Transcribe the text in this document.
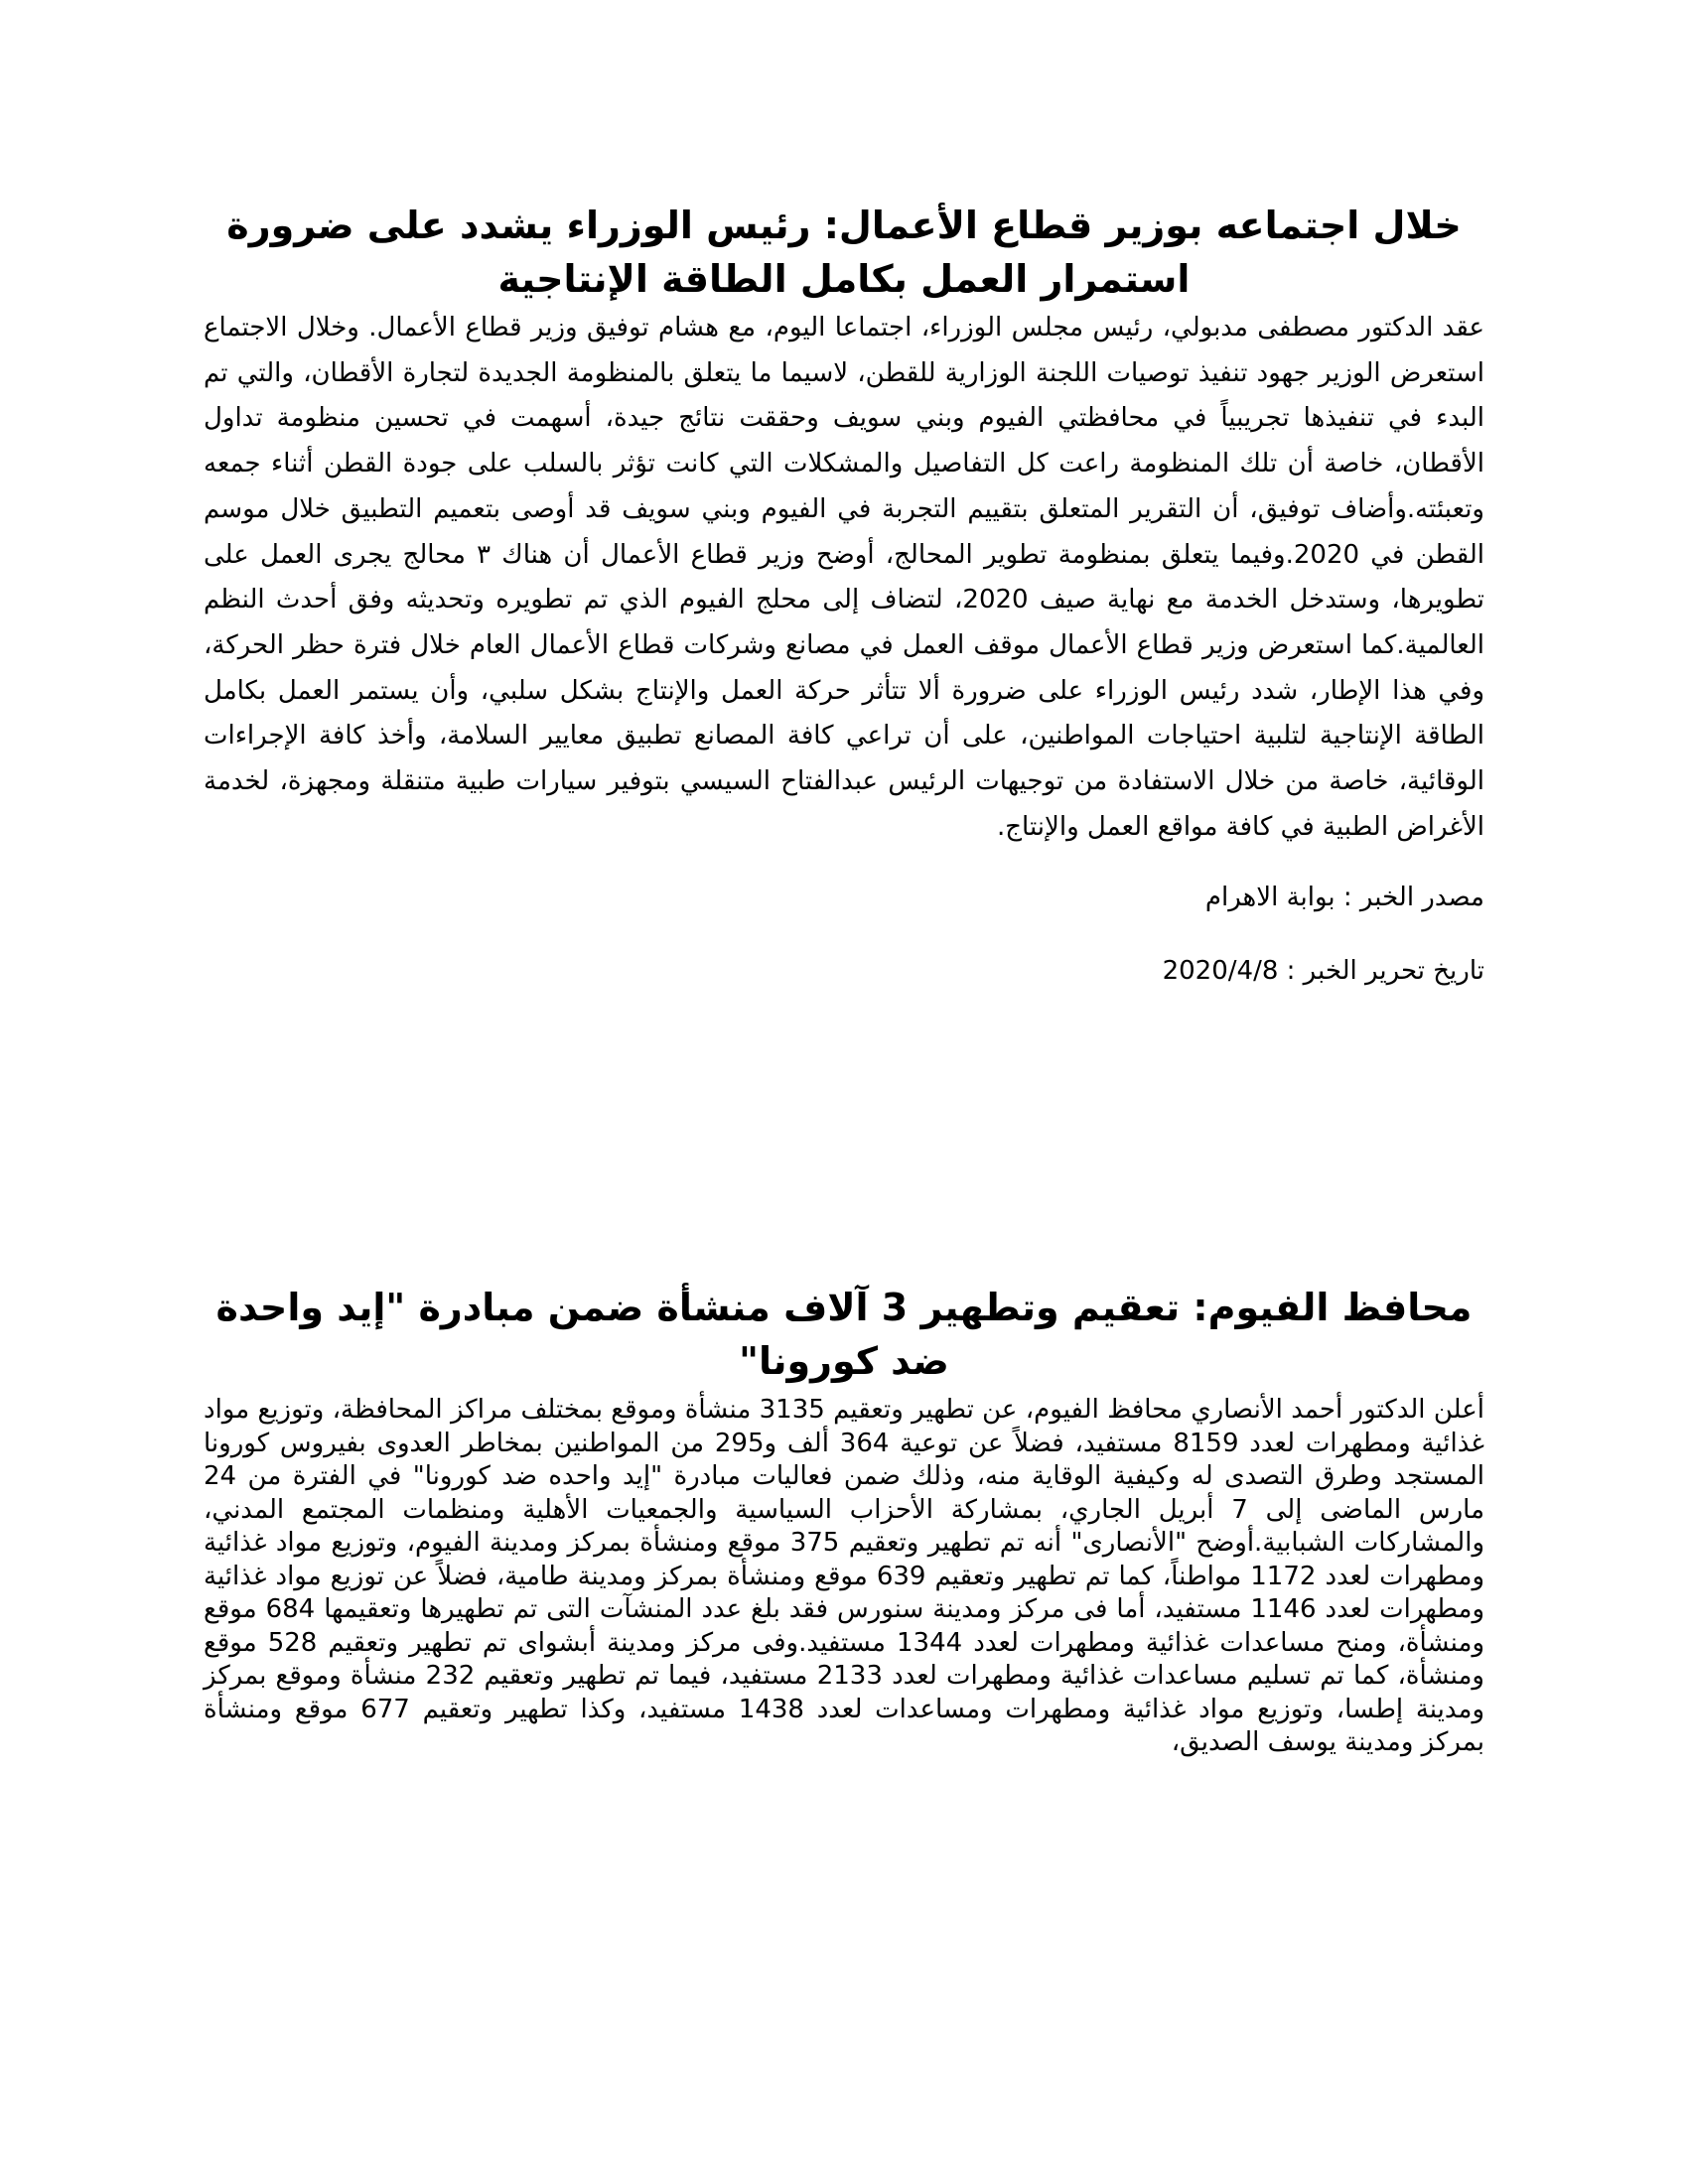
خلال اجتماعه بوزير قطاع الأعمال: رئيس الوزراء يشدد على ضرورة استمرار العمل بكامل الطاقة الإنتاجية

عقد الدكتور مصطفى مدبولي، رئيس مجلس الوزراء، اجتماعا اليوم، مع هشام توفيق وزير قطاع الأعمال. وخلال الاجتماع استعرض الوزير جهود تنفيذ توصيات اللجنة الوزارية للقطن، لاسيما ما يتعلق بالمنظومة الجديدة لتجارة الأقطان، والتي تم البدء في تنفيذها تجريبياً في محافظتي الفيوم وبني سويف وحققت نتائج جيدة، أسهمت في تحسين منظومة تداول الأقطان، خاصة أن تلك المنظومة راعت كل التفاصيل والمشكلات التي كانت تؤثر بالسلب على جودة القطن أثناء جمعه وتعبئته.وأضاف توفيق، أن التقرير المتعلق بتقييم التجربة في الفيوم وبني سويف قد أوصى بتعميم التطبيق خلال موسم القطن في 2020.وفيما يتعلق بمنظومة تطوير المحالج، أوضح وزير قطاع الأعمال أن هناك ٣ محالج يجرى العمل على تطويرها، وستدخل الخدمة مع نهاية صيف 2020، لتضاف إلى محلج الفيوم الذي تم تطويره وتحديثه وفق أحدث النظم العالمية.كما استعرض وزير قطاع الأعمال موقف العمل في مصانع وشركات قطاع الأعمال العام خلال فترة حظر الحركة، وفي هذا الإطار، شدد رئيس الوزراء على ضرورة ألا تتأثر حركة العمل والإنتاج بشكل سلبي، وأن يستمر العمل بكامل الطاقة الإنتاجية لتلبية احتياجات المواطنين، على أن تراعي كافة المصانع تطبيق معايير السلامة، وأخذ كافة الإجراءات الوقائية، خاصة من خلال الاستفادة من توجيهات الرئيس عبدالفتاح السيسي بتوفير سيارات طبية متنقلة ومجهزة، لخدمة الأغراض الطبية في كافة مواقع العمل والإنتاج.

مصدر الخبر : بوابة الاهرام

تاريخ تحرير الخبر : 2020/4/8

محافظ الفيوم: تعقيم وتطهير 3 آلاف منشأة ضمن مبادرة "إيد واحدة ضد كورونا"

أعلن الدكتور أحمد الأنصاري محافظ الفيوم، عن تطهير وتعقيم 3135 منشأة وموقع بمختلف مراكز المحافظة، وتوزيع مواد غذائية ومطهرات لعدد 8159 مستفيد، فضلاً عن توعية 364 ألف و295 من المواطنين بمخاطر العدوى بفيروس كورونا المستجد وطرق التصدى له وكيفية الوقاية منه، وذلك ضمن فعاليات مبادرة "إيد واحده ضد كورونا" في الفترة من 24 مارس الماضى إلى 7 أبريل الجاري، بمشاركة الأحزاب السياسية والجمعيات الأهلية ومنظمات المجتمع المدني، والمشاركات الشبابية.أوضح "الأنصارى" أنه تم تطهير وتعقيم 375 موقع ومنشأة بمركز ومدينة الفيوم، وتوزيع مواد غذائية ومطهرات لعدد 1172 مواطناً، كما تم تطهير وتعقيم 639 موقع ومنشأة بمركز ومدينة طامية، فضلاً عن توزيع مواد غذائية ومطهرات لعدد 1146 مستفيد، أما فى مركز ومدينة سنورس فقد بلغ عدد المنشآت التى تم تطهيرها وتعقيمها 684 موقع ومنشأة، ومنح مساعدات غذائية ومطهرات لعدد 1344 مستفيد.وفى مركز ومدينة أبشواى تم تطهير وتعقيم 528 موقع ومنشأة، كما تم تسليم مساعدات غذائية ومطهرات لعدد 2133 مستفيد، فيما تم تطهير وتعقيم 232 منشأة وموقع بمركز ومدينة إطسا، وتوزيع مواد غذائية ومطهرات ومساعدات لعدد 1438 مستفيد، وكذا تطهير وتعقيم 677 موقع ومنشأة بمركز ومدينة يوسف الصديق،
